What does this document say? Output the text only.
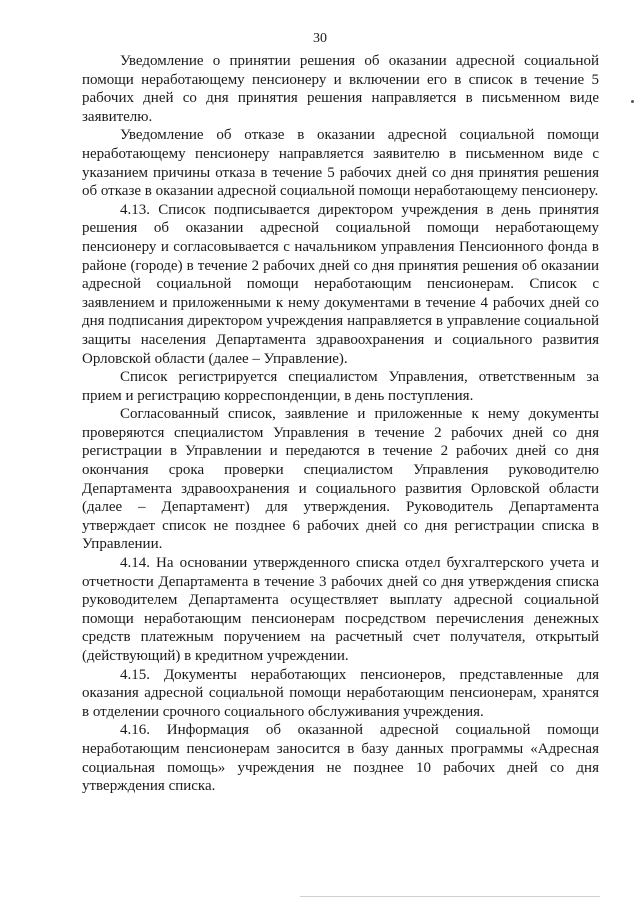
30

Уведомление о принятии решения об оказании адресной социальной помощи неработающему пенсионеру и включении его в список в течение 5 рабочих дней со дня принятия решения направляется в письменном виде заявителю.

Уведомление об отказе в оказании адресной социальной помощи неработающему пенсионеру направляется заявителю в письменном виде с указанием причины отказа в течение 5 рабочих дней со дня принятия решения об отказе в оказании адресной социальной помощи неработающему пенсионеру.

4.13. Список подписывается директором учреждения в день принятия решения об оказании адресной социальной помощи неработающему пенсионеру и согласовывается с начальником управления Пенсионного фонда в районе (городе) в течение 2 рабочих дней со дня принятия решения об оказании адресной социальной помощи неработающим пенсионерам. Список с заявлением и приложенными к нему документами в течение 4 рабочих дней со дня подписания директором учреждения направляется в управление социальной защиты населения Департамента здравоохранения и социального развития Орловской области (далее – Управление).

Список регистрируется специалистом Управления, ответственным за прием и регистрацию корреспонденции, в день поступления.

Согласованный список, заявление и приложенные к нему документы проверяются специалистом Управления в течение 2 рабочих дней со дня регистрации в Управлении и передаются в течение 2 рабочих дней со дня окончания срока проверки специалистом Управления руководителю Департамента здравоохранения и социального развития Орловской области (далее – Департамент) для утверждения. Руководитель Департамента утверждает список не позднее 6 рабочих дней со дня регистрации списка в Управлении.

4.14. На основании утвержденного списка отдел бухгалтерского учета и отчетности Департамента в течение 3 рабочих дней со дня утверждения списка руководителем Департамента осуществляет выплату адресной социальной помощи неработающим пенсионерам посредством перечисления денежных средств платежным поручением на расчетный счет получателя, открытый (действующий) в кредитном учреждении.

4.15. Документы неработающих пенсионеров, представленные для оказания адресной социальной помощи неработающим пенсионерам, хранятся в отделении срочного социального обслуживания учреждения.

4.16. Информация об оказанной адресной социальной помощи неработающим пенсионерам заносится в базу данных программы «Адресная социальная помощь» учреждения не позднее 10 рабочих дней со дня утверждения списка.
